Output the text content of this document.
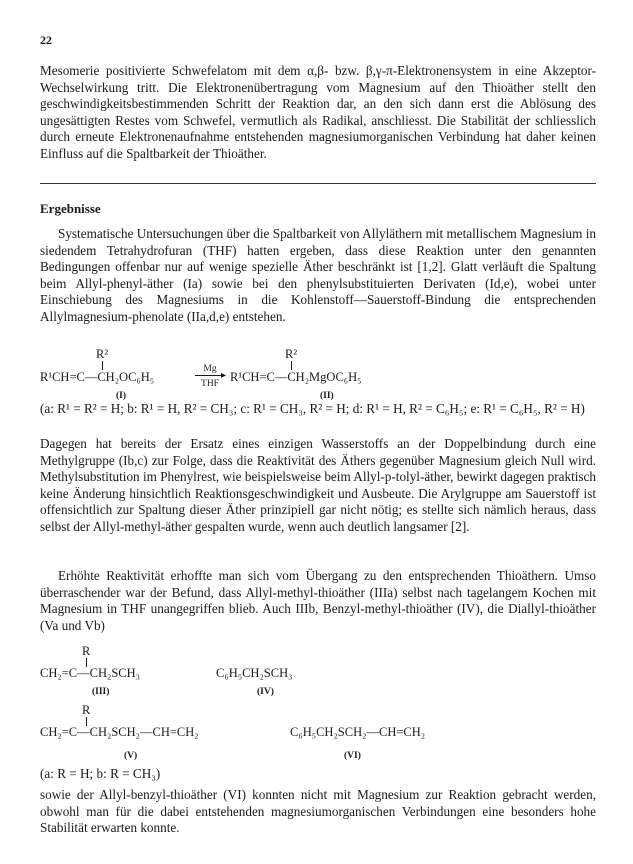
22

Mesomerie positivierte Schwefelatom mit dem α,β- bzw. β,γ-π-Elektronensystem in eine Akzeptor-Wechselwirkung tritt. Die Elektronenübertragung vom Magnesium auf den Thioäther stellt den geschwindigkeitsbestimmenden Schritt der Reaktion dar, an den sich dann erst die Ablösung des ungesättigten Restes vom Schwefel, vermutlich als Radikal, anschliesst. Die Stabilität der schliesslich durch erneute Elektronenaufnahme entstehenden magnesiumorganischen Verbindung hat daher keinen Einfluss auf die Spaltbarkeit der Thioäther.

Ergebnisse

Systematische Untersuchungen über die Spaltbarkeit von Allyläthern mit metallischem Magnesium in siedendem Tetrahydrofuran (THF) hatten ergeben, dass diese Reaktion unter den genannten Bedingungen offenbar nur auf wenige spezielle Äther beschränkt ist [1,2]. Glatt verläuft die Spaltung beim Allyl-phenyl-äther (Ia) sowie bei den phenylsubstituierten Derivaten (Id,e), wobei unter Einschiebung des Magnesiums in die Kohlenstoff—Sauerstoff-Bindung die entsprechenden Allylmagnesium-phenolate (IIa,d,e) entstehen.

R²
R¹CH=C—CH₂OC₆H₅
(I)
Mg
▸
THF
R²
R¹CH=C—CH₂MgOC₆H₅
(II)

(a: R¹ = R² = H; b: R¹ = H, R² = CH₃; c: R¹ = CH₃, R² = H; d: R¹ = H, R² = C₆H₅; e: R¹ = C₆H₅, R² = H)

Dagegen hat bereits der Ersatz eines einzigen Wasserstoffs an der Doppelbindung durch eine Methylgruppe (Ib,c) zur Folge, dass die Reaktivität des Äthers gegenüber Magnesium gleich Null wird. Methylsubstitution im Phenylrest, wie beispielsweise beim Allyl-p-tolyl-äther, bewirkt dagegen praktisch keine Änderung hinsichtlich Reaktionsgeschwindigkeit und Ausbeute. Die Arylgruppe am Sauerstoff ist offensichtlich zur Spaltung dieser Äther prinzipiell gar nicht nötig; es stellte sich nämlich heraus, dass selbst der Allyl-methyl-äther gespalten wurde, wenn auch deutlich langsamer [2].

Erhöhte Reaktivität erhoffte man sich vom Übergang zu den entsprechenden Thioäthern. Umso überraschender war der Befund, dass Allyl-methyl-thioäther (IIIa) selbst nach tagelangem Kochen mit Magnesium in THF unangegriffen blieb. Auch IIIb, Benzyl-methyl-thioäther (IV), die Diallyl-thioäther (Va und Vb)

R
CH₂=C—CH₂SCH₃
(III)
C₆H₅CH₂SCH₃
(IV)
R
CH₂=C—CH₂SCH₂—CH=CH₂
(V)
C₆H₅CH₂SCH₂—CH=CH₂
(VI)

(a: R = H; b: R = CH₃)

sowie der Allyl-benzyl-thioäther (VI) konnten nicht mit Magnesium zur Reaktion gebracht werden, obwohl man für die dabei entstehenden magnesiumorganischen Verbindungen eine besonders hohe Stabilität erwarten konnte.
